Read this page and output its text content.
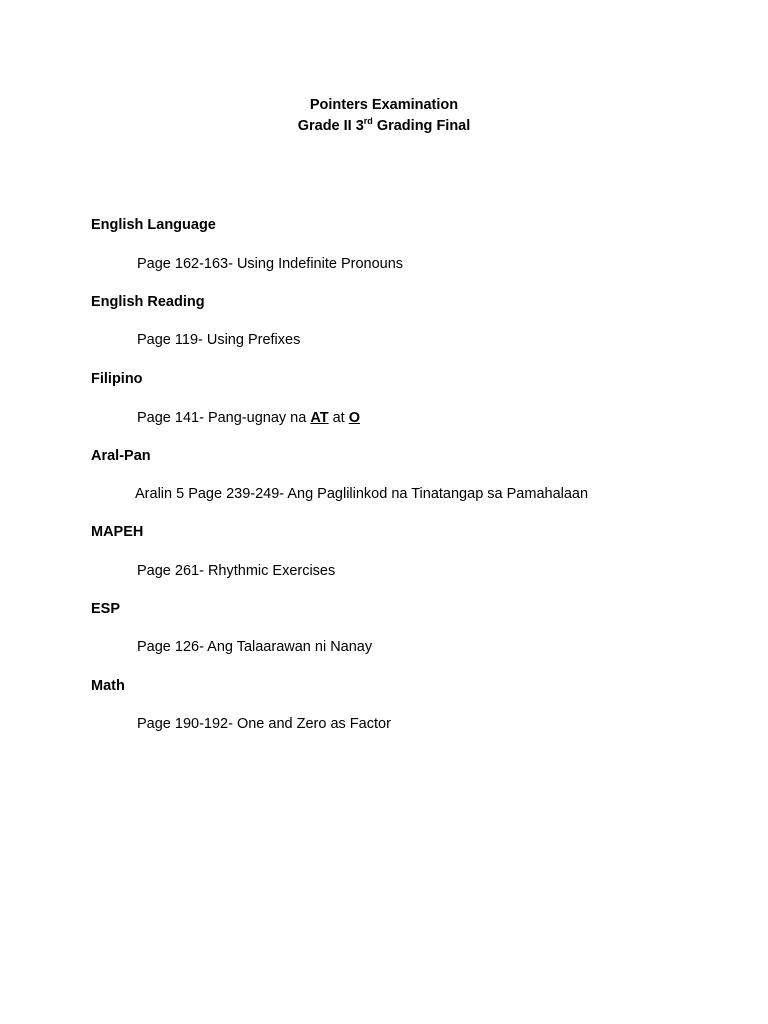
Pointers Examination
Grade II 3rd Grading Final
English Language
Page 162-163- Using Indefinite Pronouns
English Reading
Page 119- Using Prefixes
Filipino
Page 141- Pang-ugnay na AT at O
Aral-Pan
Aralin 5 Page 239-249- Ang Paglilinkod na Tinatangap sa Pamahalaan
MAPEH
Page 261- Rhythmic Exercises
ESP
Page 126- Ang Talaarawan ni Nanay
Math
Page 190-192- One and Zero as Factor
